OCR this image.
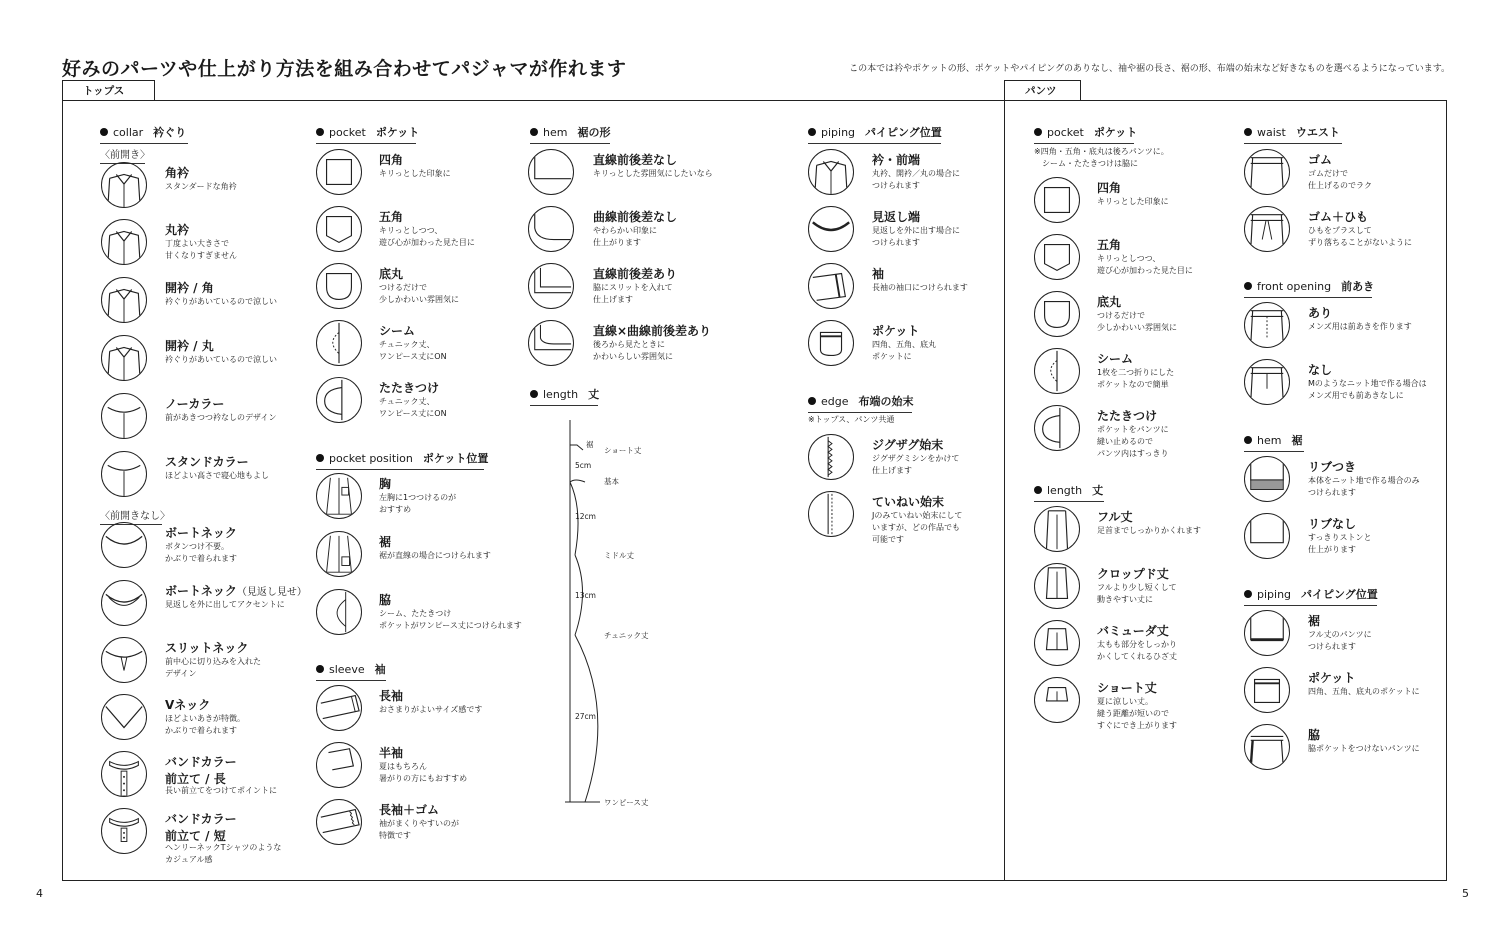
好みのパーツや仕上がり方法を組み合わせてパジャマが作れます	この本では衿やポケットの形、ポケットやパイピングのありなし、袖や裾の長さ、裾の形、布端の始末など好きなものを選べるようになっています。
トップス	パンツ
4	5
collar 衿ぐり
〈前開き〉
〈前開きなし〉
角衿
スタンダードな角衿
丸衿
丁度よい大きさで
甘くなりすぎません
開衿 / 角
衿ぐりがあいているので涼しい
開衿 / 丸
衿ぐりがあいているので涼しい
ノーカラー
前があきつつ衿なしのデザイン
スタンドカラー
ほどよい高さで寝心地もよし
ボートネック
ボタンつけ不要。
かぶりで着られます
ボートネック（見返し見せ）
見返しを外に出してアクセントに
スリットネック
前中心に切り込みを入れた
デザイン
Vネック
ほどよいあきが特徴。
かぶりで着られます
バンドカラー
前立て / 長
長い前立てをつけてポイントに
バンドカラー
前立て / 短
ヘンリーネックTシャツのような
カジュアル感
pocket ポケット
四角
キリっとした印象に
五角
キリっとしつつ、
遊び心が加わった見た目に
底丸
つけるだけで
少しかわいい雰囲気に
シーム
チュニック丈、
ワンピース丈にON
たたきつけ
チュニック丈、
ワンピース丈にON
pocket position ポケット位置
胸
左胸に1つつけるのが
おすすめ
裾
裾が直線の場合につけられます
脇
シーム、たたきつけ
ポケットがワンピース丈につけられます
sleeve 袖
長袖
おさまりがよいサイズ感です
半袖
夏はもちろん
暑がりの方にもおすすめ
長袖＋ゴム
袖がまくりやすいのが
特徴です
hem 裾の形
直線前後差なし
キリっとした雰囲気にしたいなら
曲線前後差なし
やわらかい印象に
仕上がります
直線前後差あり
脇にスリットを入れて
仕上げます
直線×曲線前後差あり
後ろから見たときに
かわいらしい雰囲気に
length 丈
裾
ショート丈
5cm
基本
12cm
ミドル丈
13cm
チュニック丈
27cm
ワンピース丈
piping パイピング位置
衿・前端
丸衿、開衿／丸の場合に
つけられます
見返し端
見返しを外に出す場合に
つけられます
袖
長袖の袖口につけられます
ポケット
四角、五角、底丸
ポケットに
edge 布端の始末
※トップス、パンツ共通
ジグザグ始末
ジグザグミシンをかけて
仕上げます
ていねい始末
Jのみていねい始末にして
いますが、どの作品でも
可能です
pocket ポケット
※四角・五角・底丸は後ろパンツに。
　シーム・たたきつけは脇に
四角
キリっとした印象に
五角
キリっとしつつ、
遊び心が加わった見た目に
底丸
つけるだけで
少しかわいい雰囲気に
シーム
1枚を二つ折りにした
ポケットなので簡単
たたきつけ
ポケットをパンツに
縫い止めるので
パンツ内はすっきり
length 丈
フル丈
足首までしっかりかくれます
クロップド丈
フルより少し短くして
動きやすい丈に
バミューダ丈
太もも部分をしっかり
かくしてくれるひざ丈
ショート丈
夏に涼しい丈。
縫う距離が短いので
すぐにでき上がります
waist ウエスト
ゴム
ゴムだけで
仕上げるのでラク
ゴム＋ひも
ひもをプラスして
ずり落ちることがないように
front opening 前あき
あり
メンズ用は前あきを作ります
なし
Mのようなニット地で作る場合は
メンズ用でも前あきなしに
hem 裾
リブつき
本体をニット地で作る場合のみ
つけられます
リブなし
すっきりストンと
仕上がります
piping パイピング位置
裾
フル丈のパンツに
つけられます
ポケット
四角、五角、底丸のポケットに
脇
脇ポケットをつけないパンツに
